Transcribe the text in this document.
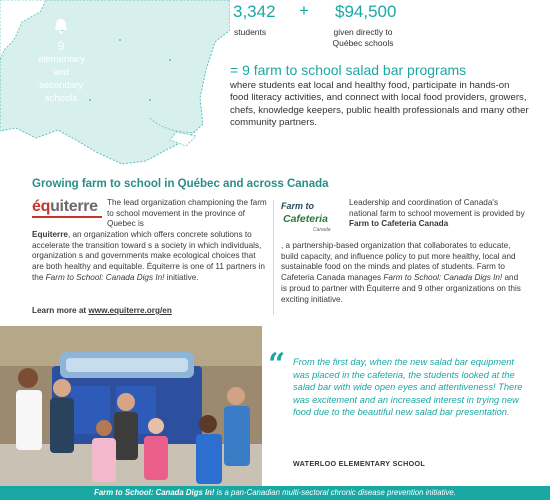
9
elementary
and
secondary
schools
3,342 + $94,500
students	given directly to
Québec schools
= 9 farm to school salad bar programs
where students eat local and healthy food, participate in hands-on food literacy activities, and connect with local food providers, growers, chefs, knowledge keepers, public health professionals and many other community partners.
Growing farm to school in Québec and across Canada
équiterre The lead organization championing the farm to school movement in the province of Quebec is
Equiterre, an organization which offers concrete solutions to accelerate the transition toward s a society in which individuals, organization s and governments make ecological choices that are both healthy and equitable. Équiterre is one of 11 partners in the Farm to School: Canada Digs In! initiative.
Learn more at www.equiterre.org/en
Farm to
Cafeteria
Canada
Leadership and coordination of Canada's national farm to school movement is provided by Farm to Cafeteria Canada
, a partnership-based organization that collaborates to educate, build capacity, and influence policy to put more healthy, local and sustainable food on the minds and plates of students. Farm to Cafeteria Canada manages Farm to School: Canada Digs In! and is proud to partner with Équiterre and 9 other organizations on this exciting initiative.
“ From the first day, when the new salad bar equipment was placed in the cafeteria, the students looked at the salad bar with wide open eyes and attentiveness! There was excitement and an increased interest in trying new food due to the beautiful new salad bar presentation.
WATERLOO ELEMENTARY SCHOOL
Farm to School: Canada Digs In! is a pan-Canadian multi-sectoral chronic disease prevention initiative.
